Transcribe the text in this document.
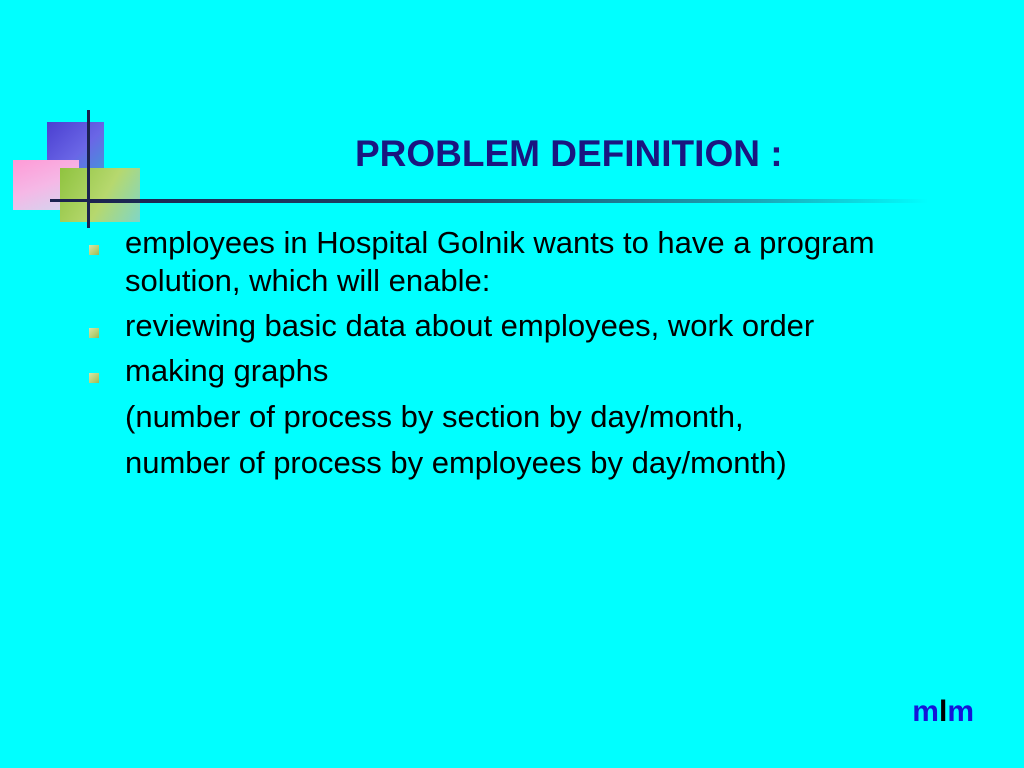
PROBLEM DEFINITION :
employees in Hospital Golnik wants to have a program solution, which will enable:
reviewing basic data about employees, work order
making graphs
(number of process by section by day/month,
number of process by employees by day/month)
mlm
